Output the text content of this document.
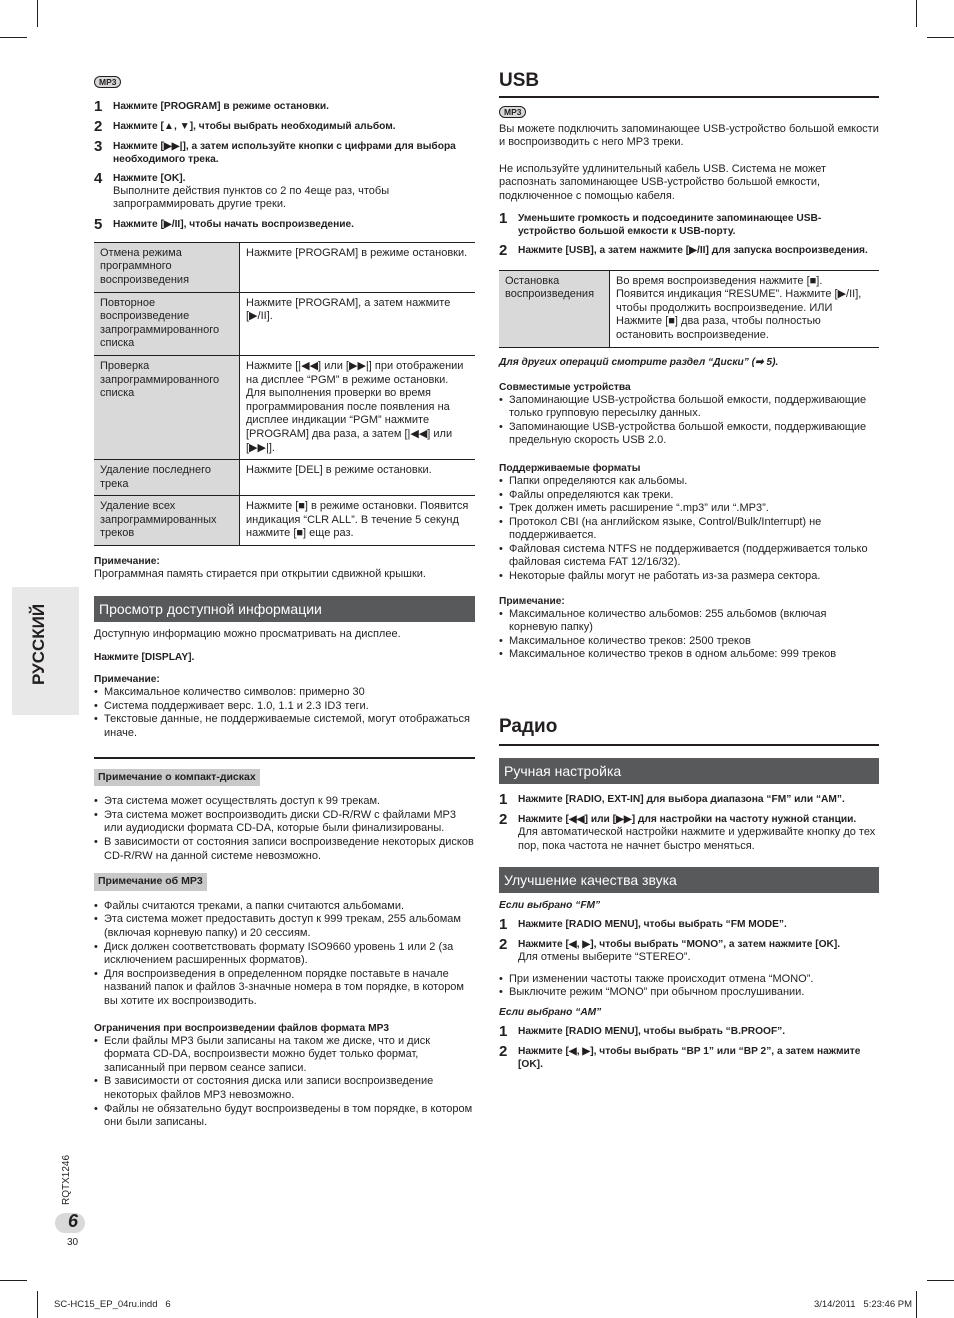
РУССКИЙ
RQTX1246
6
30
MP3
1	Нажмите [PROGRAM] в режиме остановки.
2	Нажмите [▲, ▼], чтобы выбрать необходимый альбом.
3	Нажмите [▶▶|], а затем используйте кнопки с цифрами для выбора необходимого трека.
4	Нажмите [OK].
Выполните действия пунктов со 2 по 4еще раз, чтобы запрограммировать другие треки.
5	Нажмите [▶/II], чтобы начать воспроизведение.
Отмена режима программного воспроизведения	Нажмите [PROGRAM] в режиме остановки.
Повторное воспроизведение запрограммированного списка	Нажмите [PROGRAM], а затем нажмите [▶/II].
Проверка запрограммированного списка	Нажмите [|◀◀] или [▶▶|] при отображении на дисплее “PGM” в режиме остановки. Для выполнения проверки во время программирования после появления на дисплее индикации “PGM” нажмите [PROGRAM] два раза, а затем [|◀◀] или [▶▶|].
Удаление последнего трека	Нажмите [DEL] в режиме остановки.
Удаление всех запрограммированных треков	Нажмите [■] в режиме остановки. Появится индикация “CLR ALL”. В течение 5 секунд нажмите [■] еще раз.
Примечание:
Программная память стирается при открытии сдвижной крышки.
Просмотр доступной информации
Доступную информацию можно просматривать на дисплее.
Нажмите [DISPLAY].
Примечание:
• Максимальное количество символов: примерно 30
• Система поддерживает верс. 1.0, 1.1 и 2.3 ID3 теги.
• Текстовые данные, не поддерживаемые системой, могут отображаться иначе.
Примечание о компакт-дисках
• Эта система может осуществлять доступ к 99 трекам.
• Эта система может воспроизводить диски CD-R/RW с файлами MP3 или аудиодиски формата CD-DA, которые были финализированы.
• В зависимости от состояния записи воспроизведение некоторых дисков CD-R/RW на данной системе невозможно.
Примечание об MP3
• Файлы считаются треками, а папки считаются альбомами.
• Эта система может предоставить доступ к 999 трекам, 255 альбомам (включая корневую папку) и 20 сессиям.
• Диск должен соответствовать формату ISO9660 уровень 1 или 2 (за исключением расширенных форматов).
• Для воспроизведения в определенном порядке поставьте в начале названий папок и файлов 3-значные номера в том порядке, в котором вы хотите их воспроизводить.
Ограничения при воспроизведении файлов формата MP3
• Если файлы MP3 были записаны на таком же диске, что и диск формата CD-DA, воспроизвести можно будет только формат, записанный при первом сеансе записи.
• В зависимости от состояния диска или записи воспроизведение некоторых файлов MP3 невозможно.
• Файлы не обязательно будут воспроизведены в том порядке, в котором они были записаны.
USB
MP3
Вы можете подключить запоминающее USB-устройство большой емкости и воспроизводить с него MP3 треки.
Не используйте удлинительный кабель USB. Система не может распознать запоминающее USB-устройство большой емкости, подключенное с помощью кабеля.
1	Уменьшите громкость и подсоедините запоминающее USB-устройство большой емкости к USB-порту.
2	Нажмите [USB], а затем нажмите [▶/II] для запуска воспроизведения.
Остановка воспроизведения	Во время воспроизведения нажмите [■]. Появится индикация “RESUME”. Нажмите [▶/II], чтобы продолжить воспроизведение. ИЛИ Нажмите [■] два раза, чтобы полностью остановить воспроизведение.
Для других операций смотрите раздел “Диски” (➡ 5).
Совместимые устройства
• Запоминающие USB-устройства большой емкости, поддерживающие только групповую пересылку данных.
• Запоминающие USB-устройства большой емкости, поддерживающие предельную скорость USB 2.0.
Поддерживаемые форматы
• Папки определяются как альбомы.
• Файлы определяются как треки.
• Трек должен иметь расширение “.mp3” или “.MP3”.
• Протокол CBI (на английском языке, Control/Bulk/Interrupt) не поддерживается.
• Файловая система NTFS не поддерживается (поддерживается только файловая система FAT 12/16/32).
• Некоторые файлы могут не работать из-за размера сектора.
Примечание:
• Максимальное количество альбомов: 255 альбомов (включая корневую папку)
• Максимальное количество треков: 2500 треков
• Максимальное количество треков в одном альбоме: 999 треков
Радио
Ручная настройка
1	Нажмите [RADIO, EXT-IN] для выбора диапазона “FM” или “AM”.
2	Нажмите [◀◀] или [▶▶] для настройки на частоту нужной станции.
Для автоматической настройки нажмите и удерживайте кнопку до тех пор, пока частота не начнет быстро меняться.
Улучшение качества звука
Если выбрано “FM”
1	Нажмите [RADIO MENU], чтобы выбрать “FM MODE”.
2	Нажмите [◀, ▶], чтобы выбрать “MONO”, а затем нажмите [OK].
Для отмены выберите “STEREO”.
• При изменении частоты также происходит отмена “MONO”.
• Выключите режим “MONO” при обычном прослушивании.
Если выбрано “AM”
1	Нажмите [RADIO MENU], чтобы выбрать “B.PROOF”.
2	Нажмите [◀, ▶], чтобы выбрать “BP 1” или “BP 2”, а затем нажмите [OK].
SC-HC15_EP_04ru.indd   6	3/14/2011   5:23:46 PM
